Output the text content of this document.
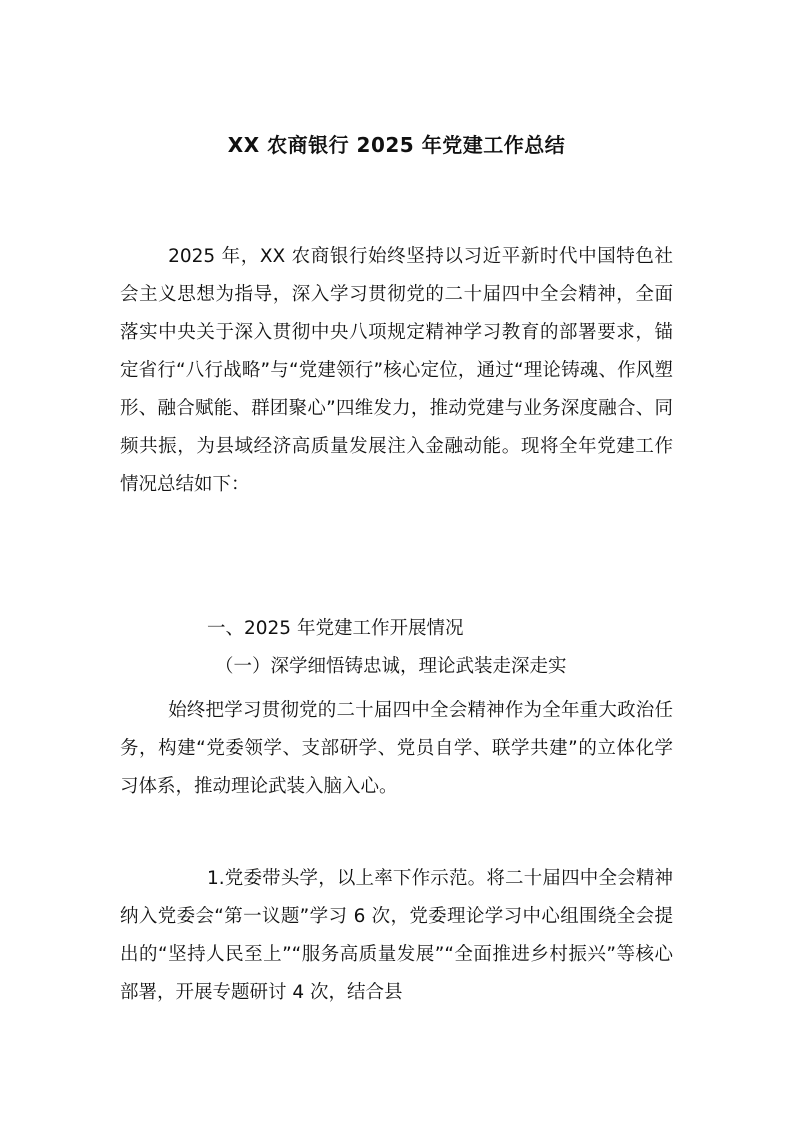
XX 农商银行 2025 年党建工作总结

2025 年，XX 农商银行始终坚持以习近平新时代中国特色社会主义思想为指导，深入学习贯彻党的二十届四中全会精神，全面落实中央关于深入贯彻中央八项规定精神学习教育的部署要求，锚定省行“八行战略”与“党建领行”核心定位，通过“理论铸魂、作风塑形、融合赋能、群团聚心”四维发力，推动党建与业务深度融合、同频共振，为县域经济高质量发展注入金融动能。现将全年党建工作情况总结如下：

一、2025 年党建工作开展情况

（一）深学细悟铸忠诚，理论武装走深走实

始终把学习贯彻党的二十届四中全会精神作为全年重大政治任务，构建“党委领学、支部研学、党员自学、联学共建”的立体化学习体系，推动理论武装入脑入心。

1.党委带头学，以上率下作示范。将二十届四中全会精神纳入党委会“第一议题”学习 6 次，党委理论学习中心组围绕全会提出的“坚持人民至上”“服务高质量发展”“全面推进乡村振兴”等核心部署，开展专题研讨 4 次，结合县
